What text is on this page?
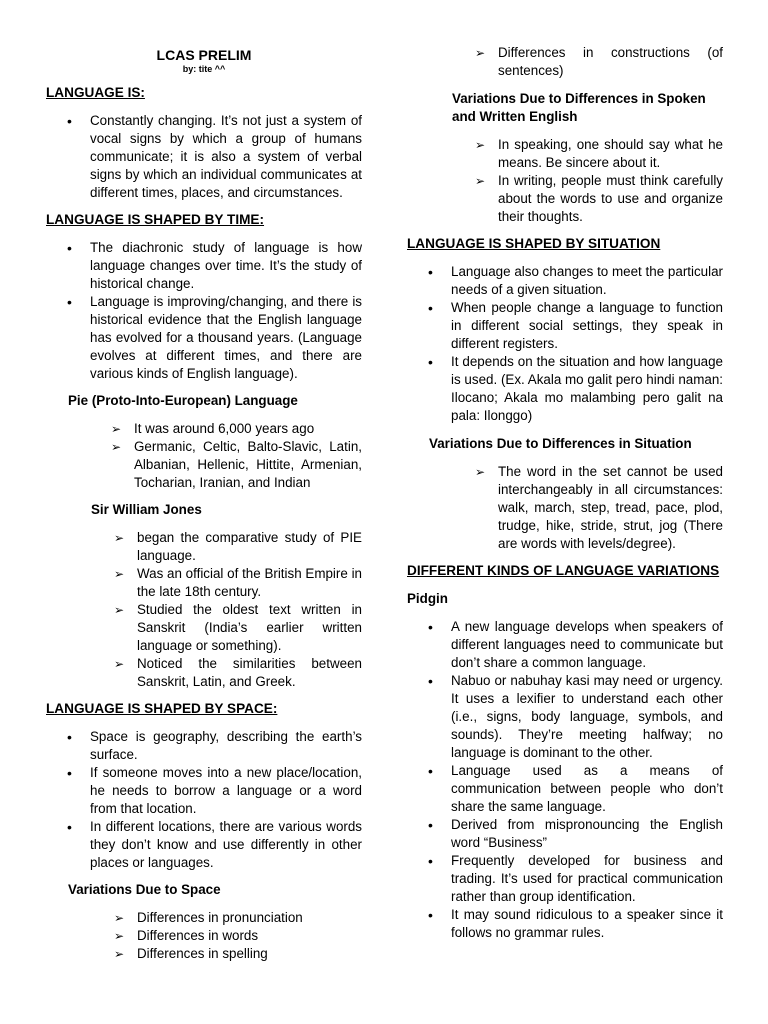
LCAS PRELIM
by: tite ^^
LANGUAGE IS:
• Constantly changing. It’s not just a system of vocal signs by which a group of humans communicate; it is also a system of verbal signs by which an individual communicates at different times, places, and circumstances.
LANGUAGE IS SHAPED BY TIME:
• The diachronic study of language is how language changes over time. It’s the study of historical change.
• Language is improving/changing, and there is historical evidence that the English language has evolved for a thousand years. (Language evolves at different times, and there are various kinds of English language).
Pie (Proto-Into-European) Language
➢ It was around 6,000 years ago
➢ Germanic, Celtic, Balto-Slavic, Latin, Albanian, Hellenic, Hittite, Armenian, Tocharian, Iranian, and Indian
Sir William Jones
➢ began the comparative study of PIE language.
➢ Was an official of the British Empire in the late 18th century.
➢ Studied the oldest text written in Sanskrit (India’s earlier written language or something).
➢ Noticed the similarities between Sanskrit, Latin, and Greek.
LANGUAGE IS SHAPED BY SPACE:
• Space is geography, describing the earth’s surface.
• If someone moves into a new place/location, he needs to borrow a language or a word from that location.
• In different locations, there are various words they don’t know and use differently in other places or languages.
Variations Due to Space
➢ Differences in pronunciation
➢ Differences in words
➢ Differences in spelling
➢ Differences in constructions (of sentences)
Variations Due to Differences in Spoken and Written English
➢ In speaking, one should say what he means. Be sincere about it.
➢ In writing, people must think carefully about the words to use and organize their thoughts.
LANGUAGE IS SHAPED BY SITUATION
• Language also changes to meet the particular needs of a given situation.
• When people change a language to function in different social settings, they speak in different registers.
• It depends on the situation and how language is used. (Ex. Akala mo galit pero hindi naman: Ilocano; Akala mo malambing pero galit na pala: Ilonggo)
Variations Due to Differences in Situation
➢ The word in the set cannot be used interchangeably in all circumstances: walk, march, step, tread, pace, plod, trudge, hike, stride, strut, jog (There are words with levels/degree).
DIFFERENT KINDS OF LANGUAGE VARIATIONS
Pidgin
• A new language develops when speakers of different languages need to communicate but don’t share a common language.
• Nabuo or nabuhay kasi may need or urgency. It uses a lexifier to understand each other (i.e., signs, body language, symbols, and sounds). They’re meeting halfway; no language is dominant to the other.
• Language used as a means of communication between people who don’t share the same language.
• Derived from mispronouncing the English word “Business”
• Frequently developed for business and trading. It’s used for practical communication rather than group identification.
• It may sound ridiculous to a speaker since it follows no grammar rules.
